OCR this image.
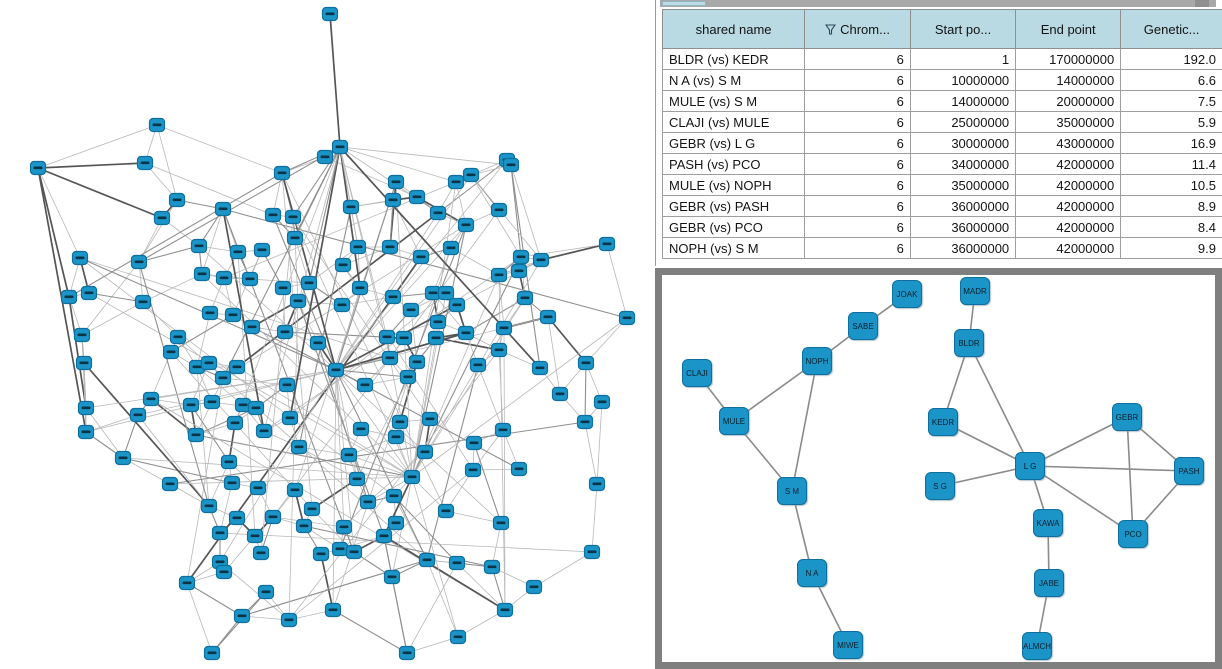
shared name	Chrom...	Start po...	End point	Genetic...
BLDR (vs) KEDR	6	1	170000000	192.0
N A (vs) S M	6	10000000	14000000	6.6
MULE (vs) S M	6	14000000	20000000	7.5
CLAJI (vs) MULE	6	25000000	35000000	5.9
GEBR (vs) L G	6	30000000	43000000	16.9
PASH (vs) PCO	6	34000000	42000000	11.4
MULE (vs) NOPH	6	35000000	42000000	10.5
GEBR (vs) PASH	6	36000000	42000000	8.9
GEBR (vs) PCO	6	36000000	42000000	8.4
NOPH (vs) S M	6	36000000	42000000	9.9
JOAK
SABE
NOPH
CLAJI
MULE
S M
N A
MIWE
MADR
BLDR
KEDR
S G
L G
GEBR
PASH
PCO
KAWA
JABE
ALMCH
